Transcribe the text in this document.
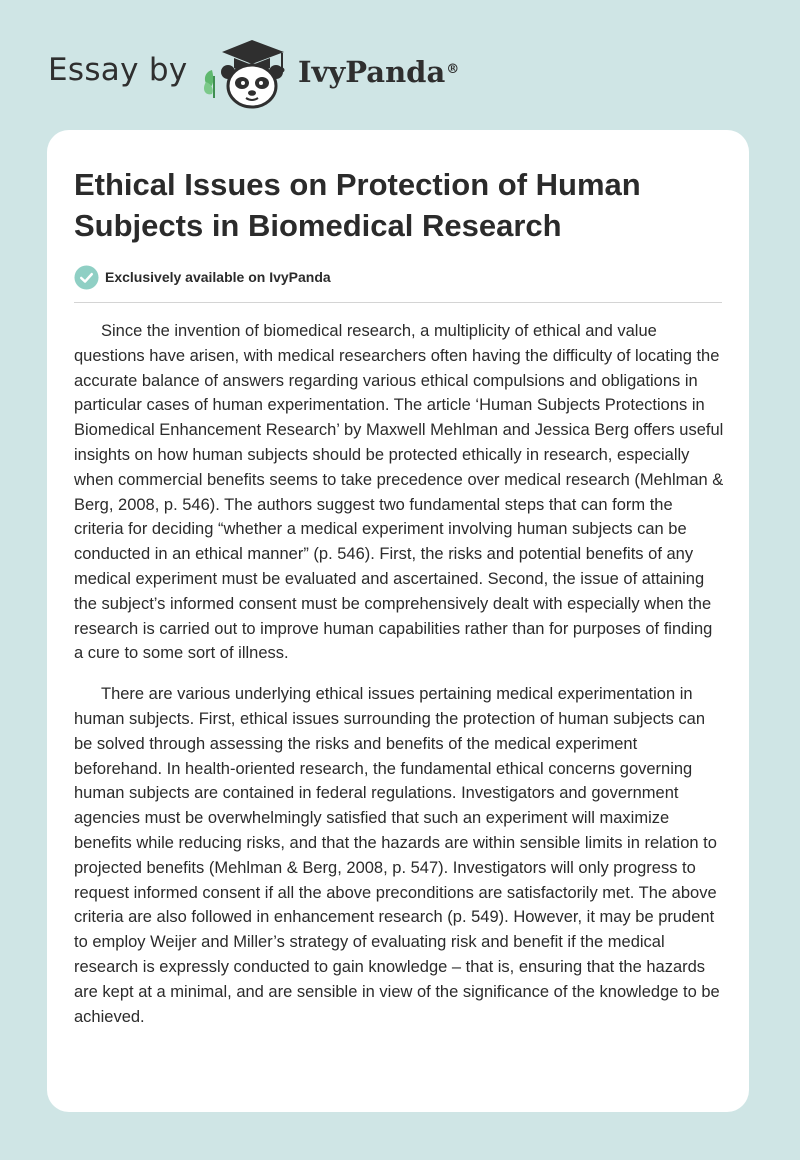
Essay by	IvyPanda®
Ethical Issues on Protection of Human Subjects in Biomedical Research
Exclusively available on IvyPanda

Since the invention of biomedical research, a multiplicity of ethical and value questions have arisen, with medical researchers often having the difficulty of locating the accurate balance of answers regarding various ethical compulsions and obligations in particular cases of human experimentation. The article ‘Human Subjects Protections in Biomedical Enhancement Research’ by Maxwell Mehlman and Jessica Berg offers useful insights on how human subjects should be protected ethically in research, especially when commercial benefits seems to take precedence over medical research (Mehlman & Berg, 2008, p. 546). The authors suggest two fundamental steps that can form the criteria for deciding “whether a medical experiment involving human subjects can be conducted in an ethical manner” (p. 546). First, the risks and potential benefits of any medical experiment must be evaluated and ascertained. Second, the issue of attaining the subject’s informed consent must be comprehensively dealt with especially when the research is carried out to improve human capabilities rather than for purposes of finding a cure to some sort of illness.

There are various underlying ethical issues pertaining medical experimentation in human subjects. First, ethical issues surrounding the protection of human subjects can be solved through assessing the risks and benefits of the medical experiment beforehand. In health-oriented research, the fundamental ethical concerns governing human subjects are contained in federal regulations. Investigators and government agencies must be overwhelmingly satisfied that such an experiment will maximize benefits while reducing risks, and that the hazards are within sensible limits in relation to projected benefits (Mehlman & Berg, 2008, p. 547). Investigators will only progress to request informed consent if all the above preconditions are satisfactorily met. The above criteria are also followed in enhancement research (p. 549). However, it may be prudent to employ Weijer and Miller’s strategy of evaluating risk and benefit if the medical research is expressly conducted to gain knowledge – that is, ensuring that the hazards are kept at a minimal, and are sensible in view of the significance of the knowledge to be achieved.
